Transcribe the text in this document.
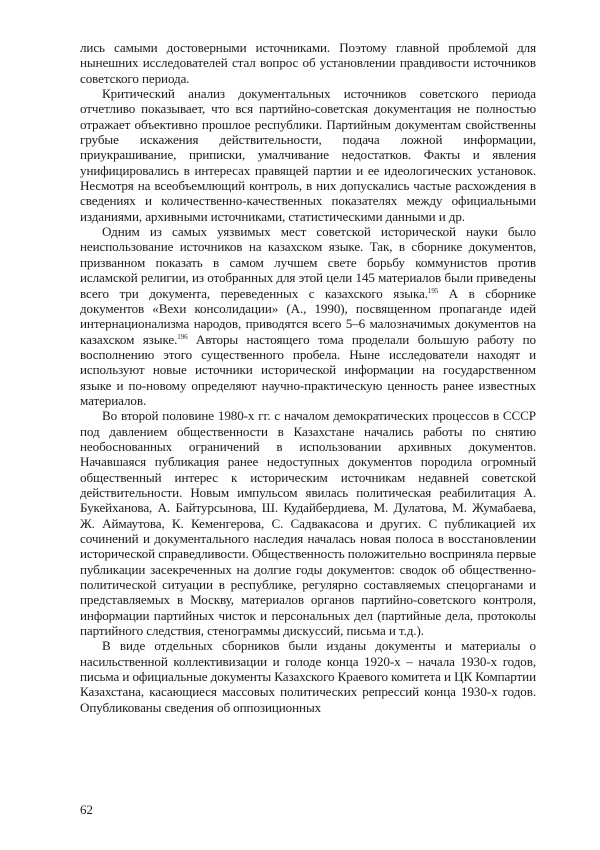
лись самыми достоверными источниками. Поэтому главной проблемой для нынешних исследователей стал вопрос об установлении правдивости источников советского периода.

Критический анализ документальных источников советского периода отчетливо показывает, что вся партийно-советская документация не полностью отражает объективно прошлое республики. Партийным документам свойственны грубые искажения действительности, подача ложной информации, приукрашивание, приписки, умалчивание недостатков. Факты и явления унифицировались в интересах правящей партии и ее идеологических установок. Несмотря на всеобъемлющий контроль, в них допускались частые расхождения в сведениях и количественно-качественных показателях между официальными изданиями, архивными источниками, статистическими данными и др.

Одним из самых уязвимых мест советской исторической науки было неиспользование источников на казахском языке. Так, в сборнике документов, призванном показать в самом лучшем свете борьбу коммунистов против исламской религии, из отобранных для этой цели 145 материалов были приведены всего три документа, переведенных с казахского языка.$^{195}$ А в сборнике документов «Вехи консолидации» (А., 1990), посвященном пропаганде идей интернационализма народов, приводятся всего 5–6 малозначимых документов на казахском языке.$^{196}$ Авторы настоящего тома проделали большую работу по восполнению этого существенного пробела. Ныне исследователи находят и используют новые источники исторической информации на государственном языке и по-новому определяют научно-практическую ценность ранее известных материалов.

Во второй половине 1980-х гг. с началом демократических процессов в СССР под давлением общественности в Казахстане начались работы по снятию необоснованных ограничений в использовании архивных документов. Начавшаяся публикация ранее недоступных документов породила огромный общественный интерес к историческим источникам недавней советской действительности. Новым импульсом явилась политическая реабилитация А. Букейханова, А. Байтурсынова, Ш. Кудайбердиева, М. Дулатова, М. Жумабаева, Ж. Аймаутова, К. Кеменгерова, С. Садвакасова и других. С публикацией их сочинений и документального наследия началась новая полоса в восстановлении исторической справедливости. Общественность положительно восприняла первые публикации засекреченных на долгие годы документов: сводок об общественно-политической ситуации в республике, регулярно составляемых спецорганами и представляемых в Москву, материалов органов партийно-советского контроля, информации партийных чисток и персональных дел (партийные дела, протоколы партийного следствия, стенограммы дискуссий, письма и т.д.).

В виде отдельных сборников были изданы документы и материалы о насильственной коллективизации и голоде конца 1920-х – начала 1930-х годов, письма и официальные документы Казахского Краевого комитета и ЦК Компартии Казахстана, касающиеся массовых политических репрессий конца 1930-х годов. Опубликованы сведения об оппозиционных

62
